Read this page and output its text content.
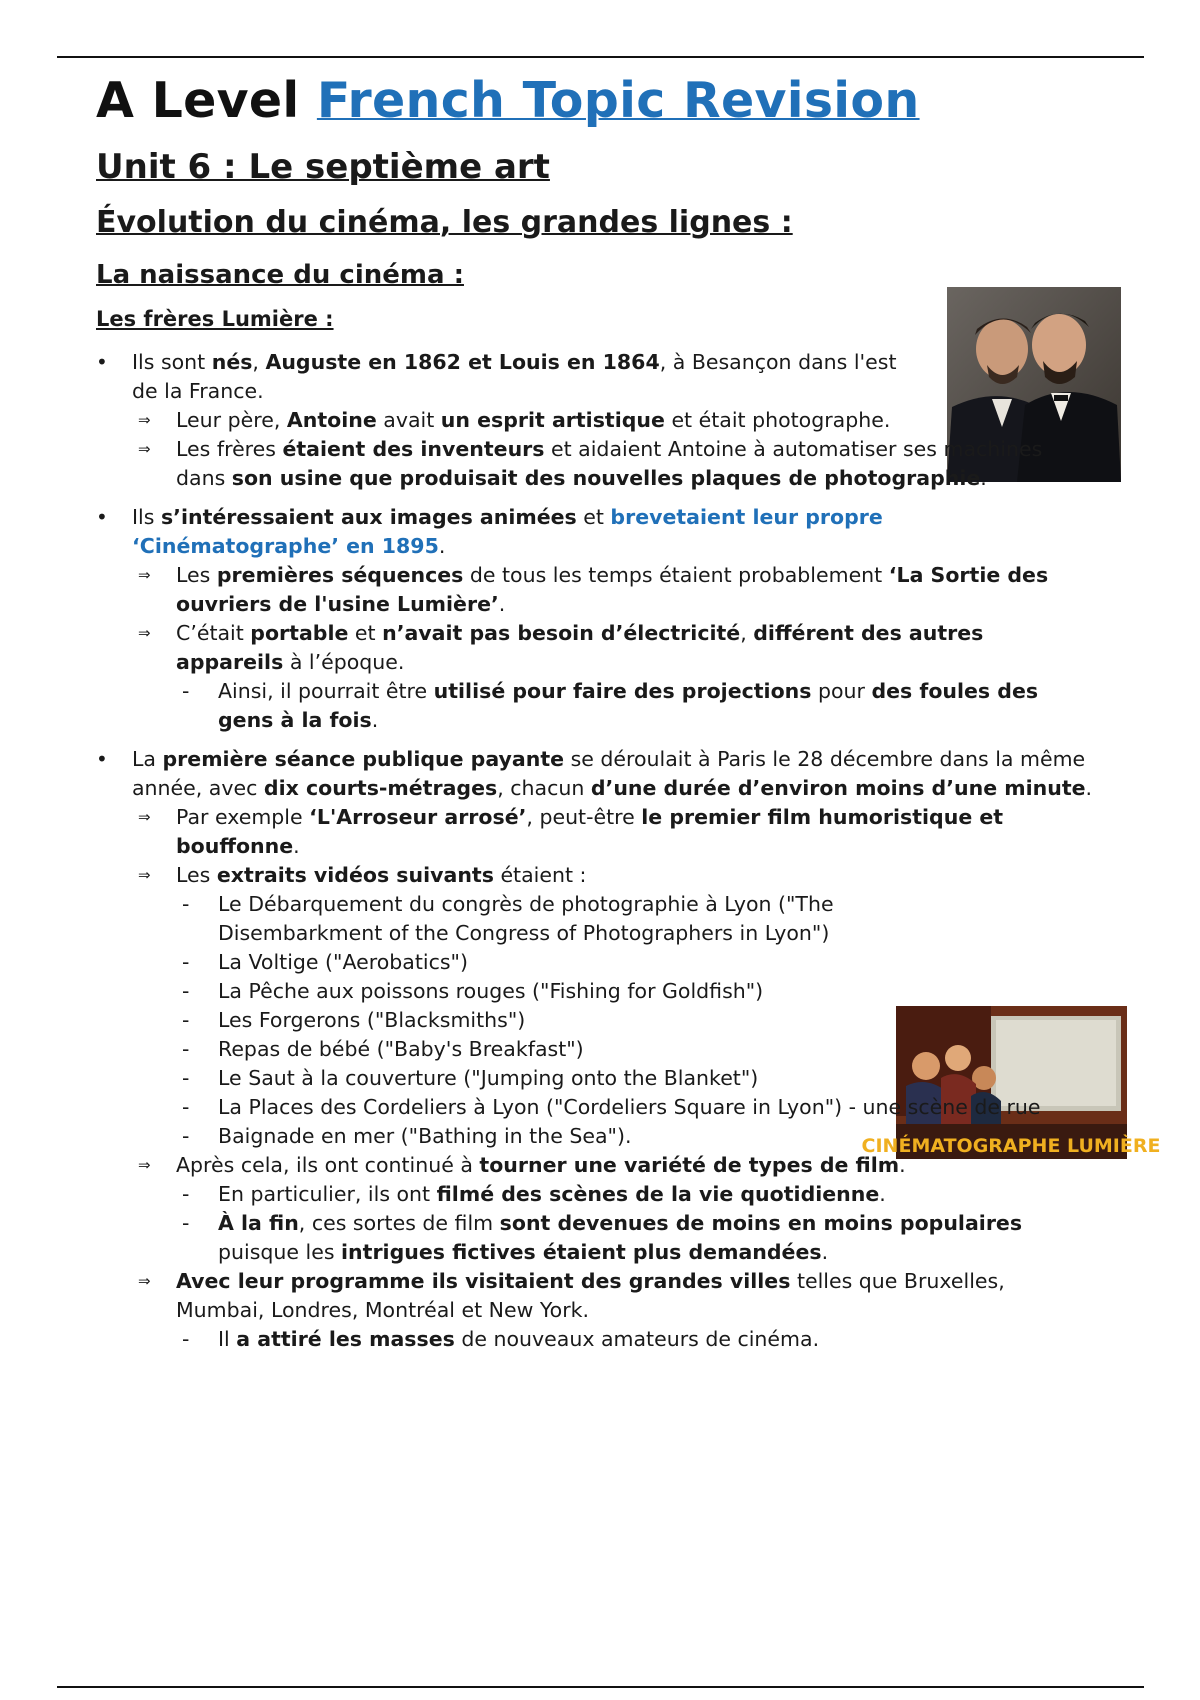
CINÉMATOGRAPHE LUMIÈRE
A Level French Topic Revision
Unit 6 : Le septième art
Évolution du cinéma, les grandes lignes :
La naissance du cinéma :
Les frères Lumière :
• Ils sont nés, Auguste en 1862 et Louis en 1864, à Besançon dans l'est de la France.
⇒ Leur père, Antoine avait un esprit artistique et était photographe.
⇒ Les frères étaient des inventeurs et aidaient Antoine à automatiser ses machines dans son usine que produisait des nouvelles plaques de photographie.
• Ils s’intéressaient aux images animées et brevetaient leur propre ‘Cinématographe’ en 1895.
⇒ Les premières séquences de tous les temps étaient probablement ‘La Sortie des ouvriers de l'usine Lumière’.
⇒ C’était portable et n’avait pas besoin d’électricité, différent des autres appareils à l’époque.
- Ainsi, il pourrait être utilisé pour faire des projections pour des foules des gens à la fois.
• La première séance publique payante se déroulait à Paris le 28 décembre dans la même année, avec dix courts-métrages, chacun d’une durée d’environ moins d’une minute.
⇒ Par exemple ‘L'Arroseur arrosé’, peut-être le premier film humoristique et bouffonne.
⇒ Les extraits vidéos suivants étaient :
- Le Débarquement du congrès de photographie à Lyon ("The Disembarkment of the Congress of Photographers in Lyon")
- La Voltige ("Aerobatics")
- La Pêche aux poissons rouges ("Fishing for Goldfish")
- Les Forgerons ("Blacksmiths")
- Repas de bébé ("Baby's Breakfast")
- Le Saut à la couverture ("Jumping onto the Blanket")
- La Places des Cordeliers à Lyon ("Cordeliers Square in Lyon") - une scène de rue
- Baignade en mer ("Bathing in the Sea").
⇒ Après cela, ils ont continué à tourner une variété de types de film.
- En particulier, ils ont filmé des scènes de la vie quotidienne.
- À la fin, ces sortes de film sont devenues de moins en moins populaires puisque les intrigues fictives étaient plus demandées.
⇒ Avec leur programme ils visitaient des grandes villes telles que Bruxelles, Mumbai, Londres, Montréal et New York.
- Il a attiré les masses de nouveaux amateurs de cinéma.
